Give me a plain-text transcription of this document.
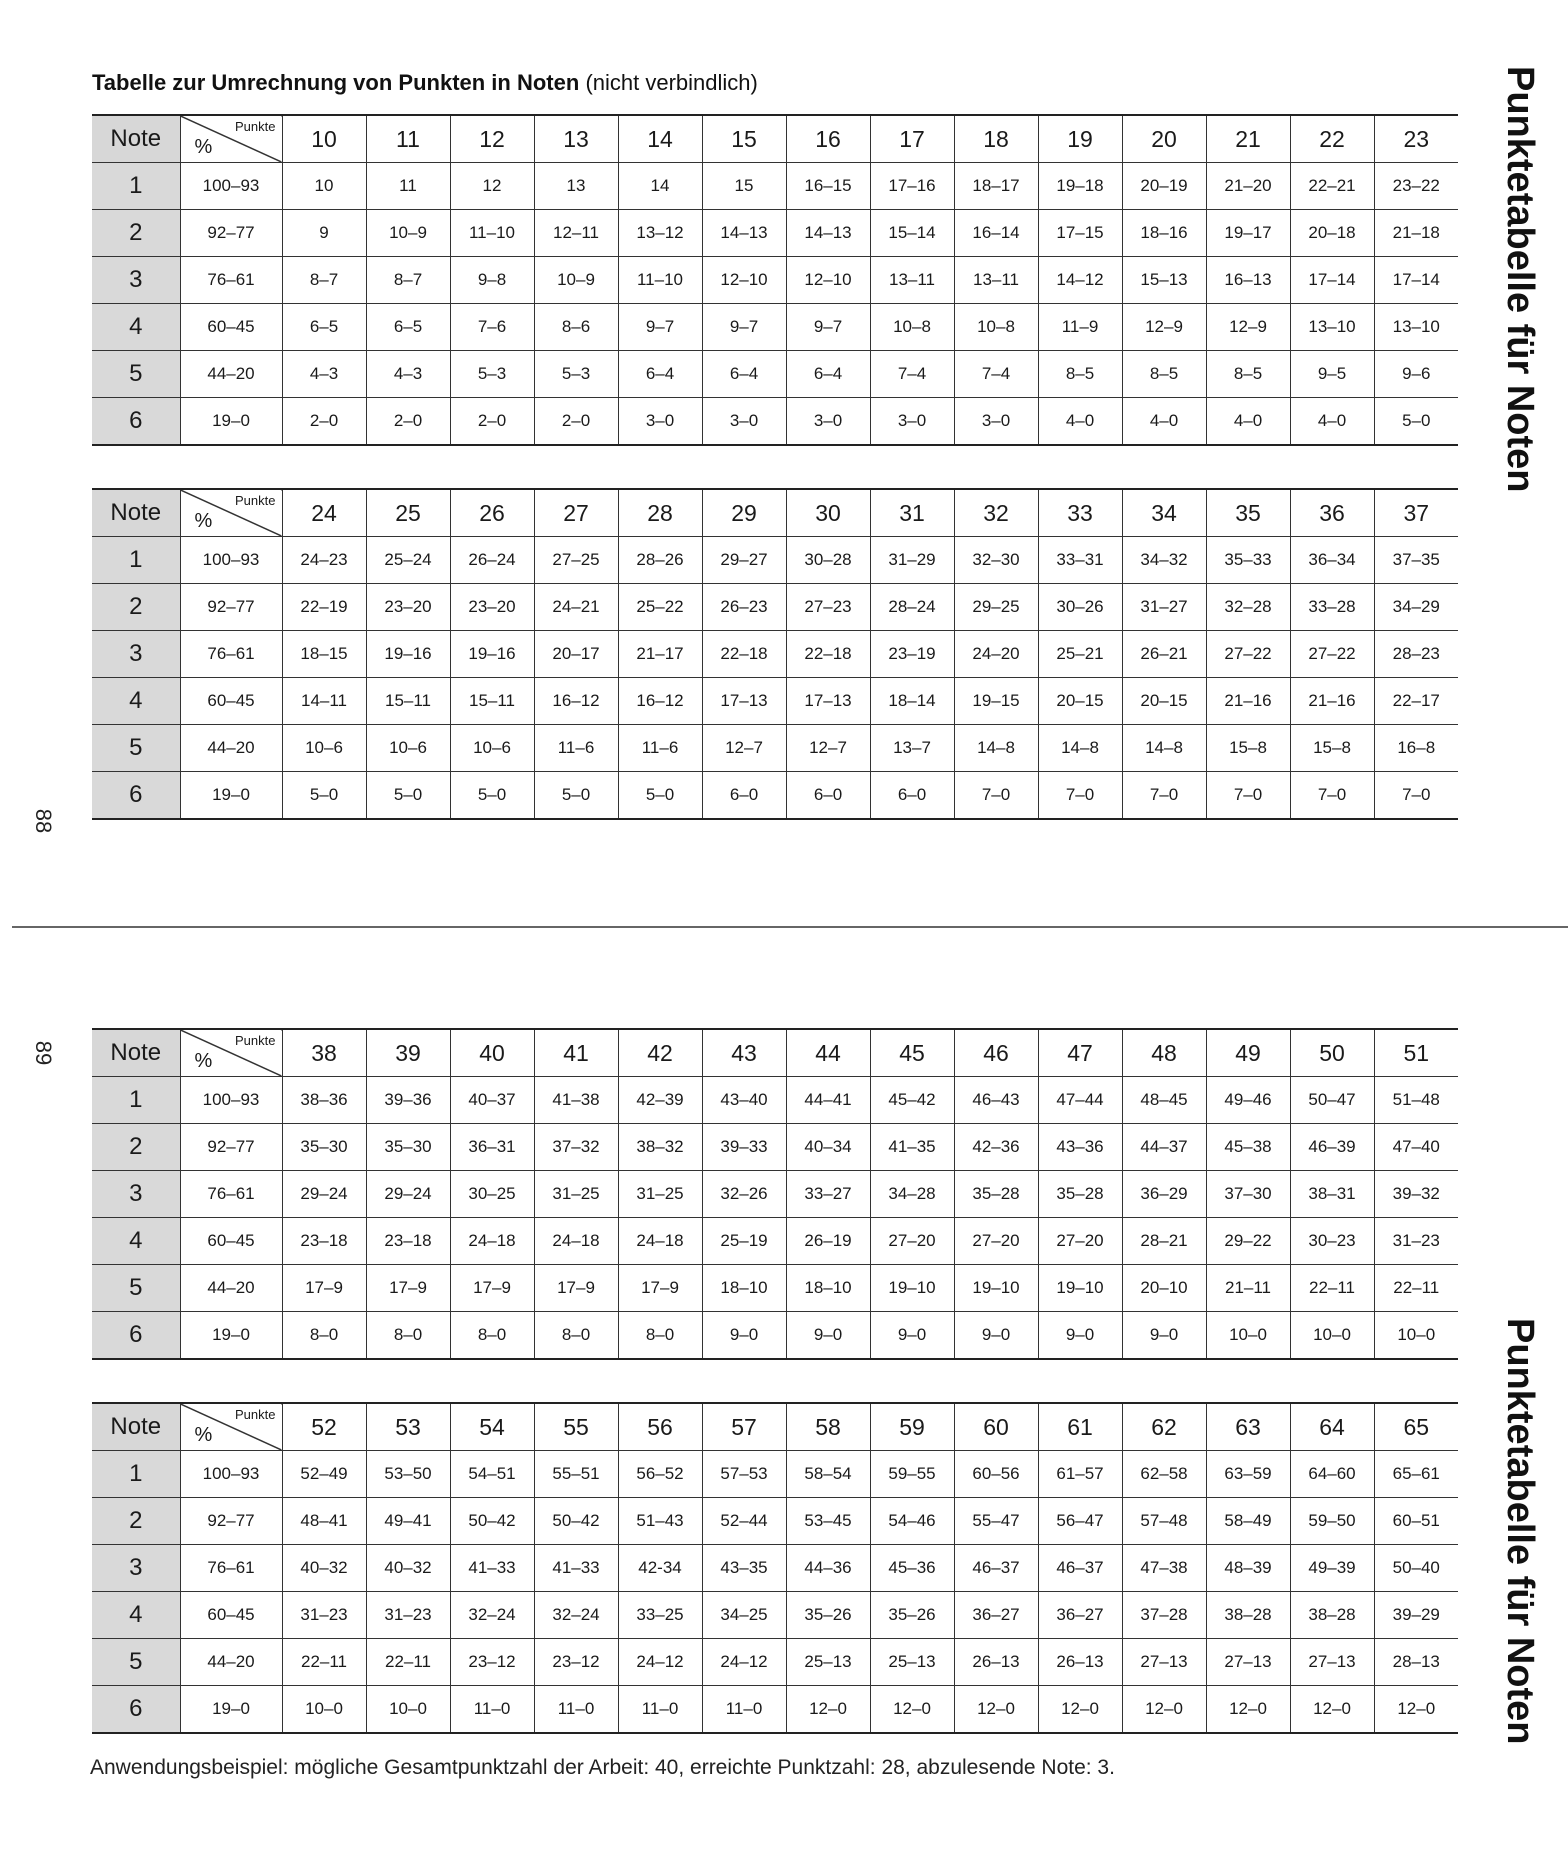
Tabelle zur Umrechnung von Punkten in Noten (nicht verbindlich)
Note	Punkte
%	10	11	12	13	14	15	16	17	18	19	20	21	22	23
1	100–93	10	11	12	13	14	15	16–15	17–16	18–17	19–18	20–19	21–20	22–21	23–22
2	92–77	9	10–9	11–10	12–11	13–12	14–13	14–13	15–14	16–14	17–15	18–16	19–17	20–18	21–18
3	76–61	8–7	8–7	9–8	10–9	11–10	12–10	12–10	13–11	13–11	14–12	15–13	16–13	17–14	17–14
4	60–45	6–5	6–5	7–6	8–6	9–7	9–7	9–7	10–8	10–8	11–9	12–9	12–9	13–10	13–10
5	44–20	4–3	4–3	5–3	5–3	6–4	6–4	6–4	7–4	7–4	8–5	8–5	8–5	9–5	9–6
6	19–0	2–0	2–0	2–0	2–0	3–0	3–0	3–0	3–0	3–0	4–0	4–0	4–0	4–0	5–0
Note	Punkte
%	24	25	26	27	28	29	30	31	32	33	34	35	36	37
1	100–93	24–23	25–24	26–24	27–25	28–26	29–27	30–28	31–29	32–30	33–31	34–32	35–33	36–34	37–35
2	92–77	22–19	23–20	23–20	24–21	25–22	26–23	27–23	28–24	29–25	30–26	31–27	32–28	33–28	34–29
3	76–61	18–15	19–16	19–16	20–17	21–17	22–18	22–18	23–19	24–20	25–21	26–21	27–22	27–22	28–23
4	60–45	14–11	15–11	15–11	16–12	16–12	17–13	17–13	18–14	19–15	20–15	20–15	21–16	21–16	22–17
5	44–20	10–6	10–6	10–6	11–6	11–6	12–7	12–7	13–7	14–8	14–8	14–8	15–8	15–8	16–8
6	19–0	5–0	5–0	5–0	5–0	5–0	6–0	6–0	6–0	7–0	7–0	7–0	7–0	7–0	7–0
Note	Punkte
%	38	39	40	41	42	43	44	45	46	47	48	49	50	51
1	100–93	38–36	39–36	40–37	41–38	42–39	43–40	44–41	45–42	46–43	47–44	48–45	49–46	50–47	51–48
2	92–77	35–30	35–30	36–31	37–32	38–32	39–33	40–34	41–35	42–36	43–36	44–37	45–38	46–39	47–40
3	76–61	29–24	29–24	30–25	31–25	31–25	32–26	33–27	34–28	35–28	35–28	36–29	37–30	38–31	39–32
4	60–45	23–18	23–18	24–18	24–18	24–18	25–19	26–19	27–20	27–20	27–20	28–21	29–22	30–23	31–23
5	44–20	17–9	17–9	17–9	17–9	17–9	18–10	18–10	19–10	19–10	19–10	20–10	21–11	22–11	22–11
6	19–0	8–0	8–0	8–0	8–0	8–0	9–0	9–0	9–0	9–0	9–0	9–0	10–0	10–0	10–0
Note	Punkte
%	52	53	54	55	56	57	58	59	60	61	62	63	64	65
1	100–93	52–49	53–50	54–51	55–51	56–52	57–53	58–54	59–55	60–56	61–57	62–58	63–59	64–60	65–61
2	92–77	48–41	49–41	50–42	50–42	51–43	52–44	53–45	54–46	55–47	56–47	57–48	58–49	59–50	60–51
3	76–61	40–32	40–32	41–33	41–33	42-34	43–35	44–36	45–36	46–37	46–37	47–38	48–39	49–39	50–40
4	60–45	31–23	31–23	32–24	32–24	33–25	34–25	35–26	35–26	36–27	36–27	37–28	38–28	38–28	39–29
5	44–20	22–11	22–11	23–12	23–12	24–12	24–12	25–13	25–13	26–13	26–13	27–13	27–13	27–13	28–13
6	19–0	10–0	10–0	11–0	11–0	11–0	11–0	12–0	12–0	12–0	12–0	12–0	12–0	12–0	12–0
88
89
Punktetabelle für Noten
Punktetabelle für Noten

Anwendungsbeispiel: mögliche Gesamtpunktzahl der Arbeit: 40, erreichte Punktzahl: 28, abzulesende Note: 3.
